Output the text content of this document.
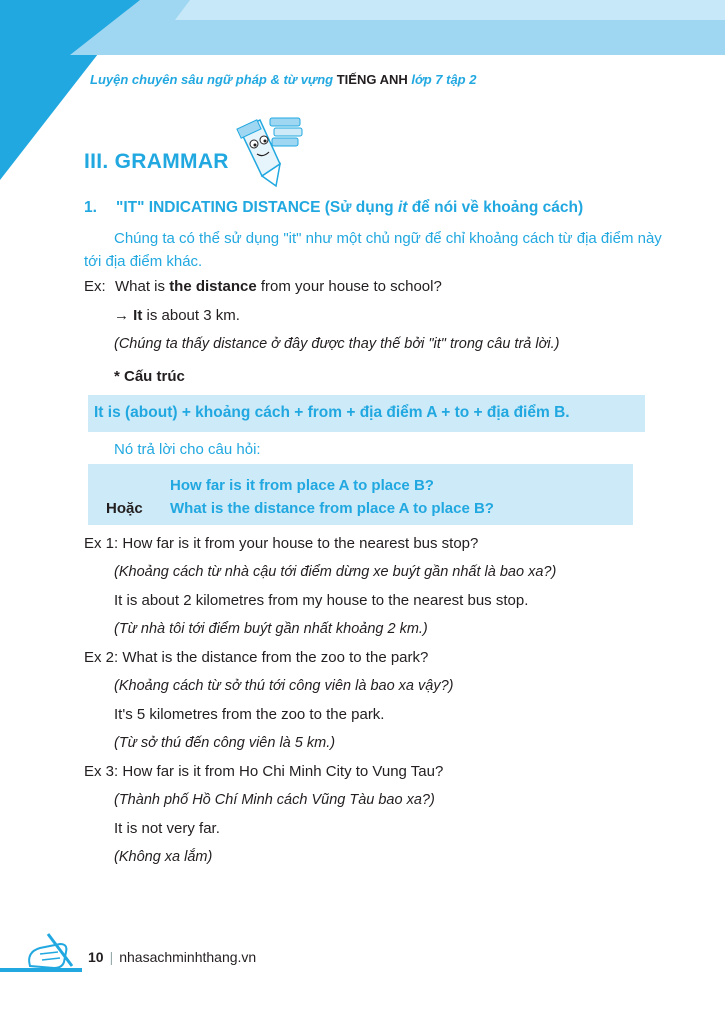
Luyện chuyên sâu ngữ pháp & từ vựng TIẾNG ANH lớp 7 tập 2
III. GRAMMAR
1. "IT" INDICATING DISTANCE (Sử dụng it để nói về khoảng cách)
Chúng ta có thể sử dụng "it" như một chủ ngữ để chỉ khoảng cách từ địa điểm này tới địa điểm khác.
Ex: What is the distance from your house to school?
→ It is about 3 km.
(Chúng ta thấy distance ở đây được thay thế bởi "it" trong câu trả lời.)
* Cấu trúc
It is (about) + khoảng cách + from + địa điểm A + to + địa điểm B.
Nó trả lời cho câu hỏi:
How far is it from place A to place B?
Hoặc What is the distance from place A to place B?
Ex 1: How far is it from your house to the nearest bus stop?
(Khoảng cách từ nhà cậu tới điểm dừng xe buýt gần nhất là bao xa?)
It is about 2 kilometres from my house to the nearest bus stop.
(Từ nhà tôi tới điểm buýt gần nhất khoảng 2 km.)
Ex 2: What is the distance from the zoo to the park?
(Khoảng cách từ sở thú tới công viên là bao xa vậy?)
It's 5 kilometres from the zoo to the park.
(Từ sở thú đến công viên là 5 km.)
Ex 3: How far is it from Ho Chi Minh City to Vung Tau?
(Thành phố Hồ Chí Minh cách Vũng Tàu bao xa?)
It is not very far.
(Không xa lắm)
10 | nhasachminhthang.vn
